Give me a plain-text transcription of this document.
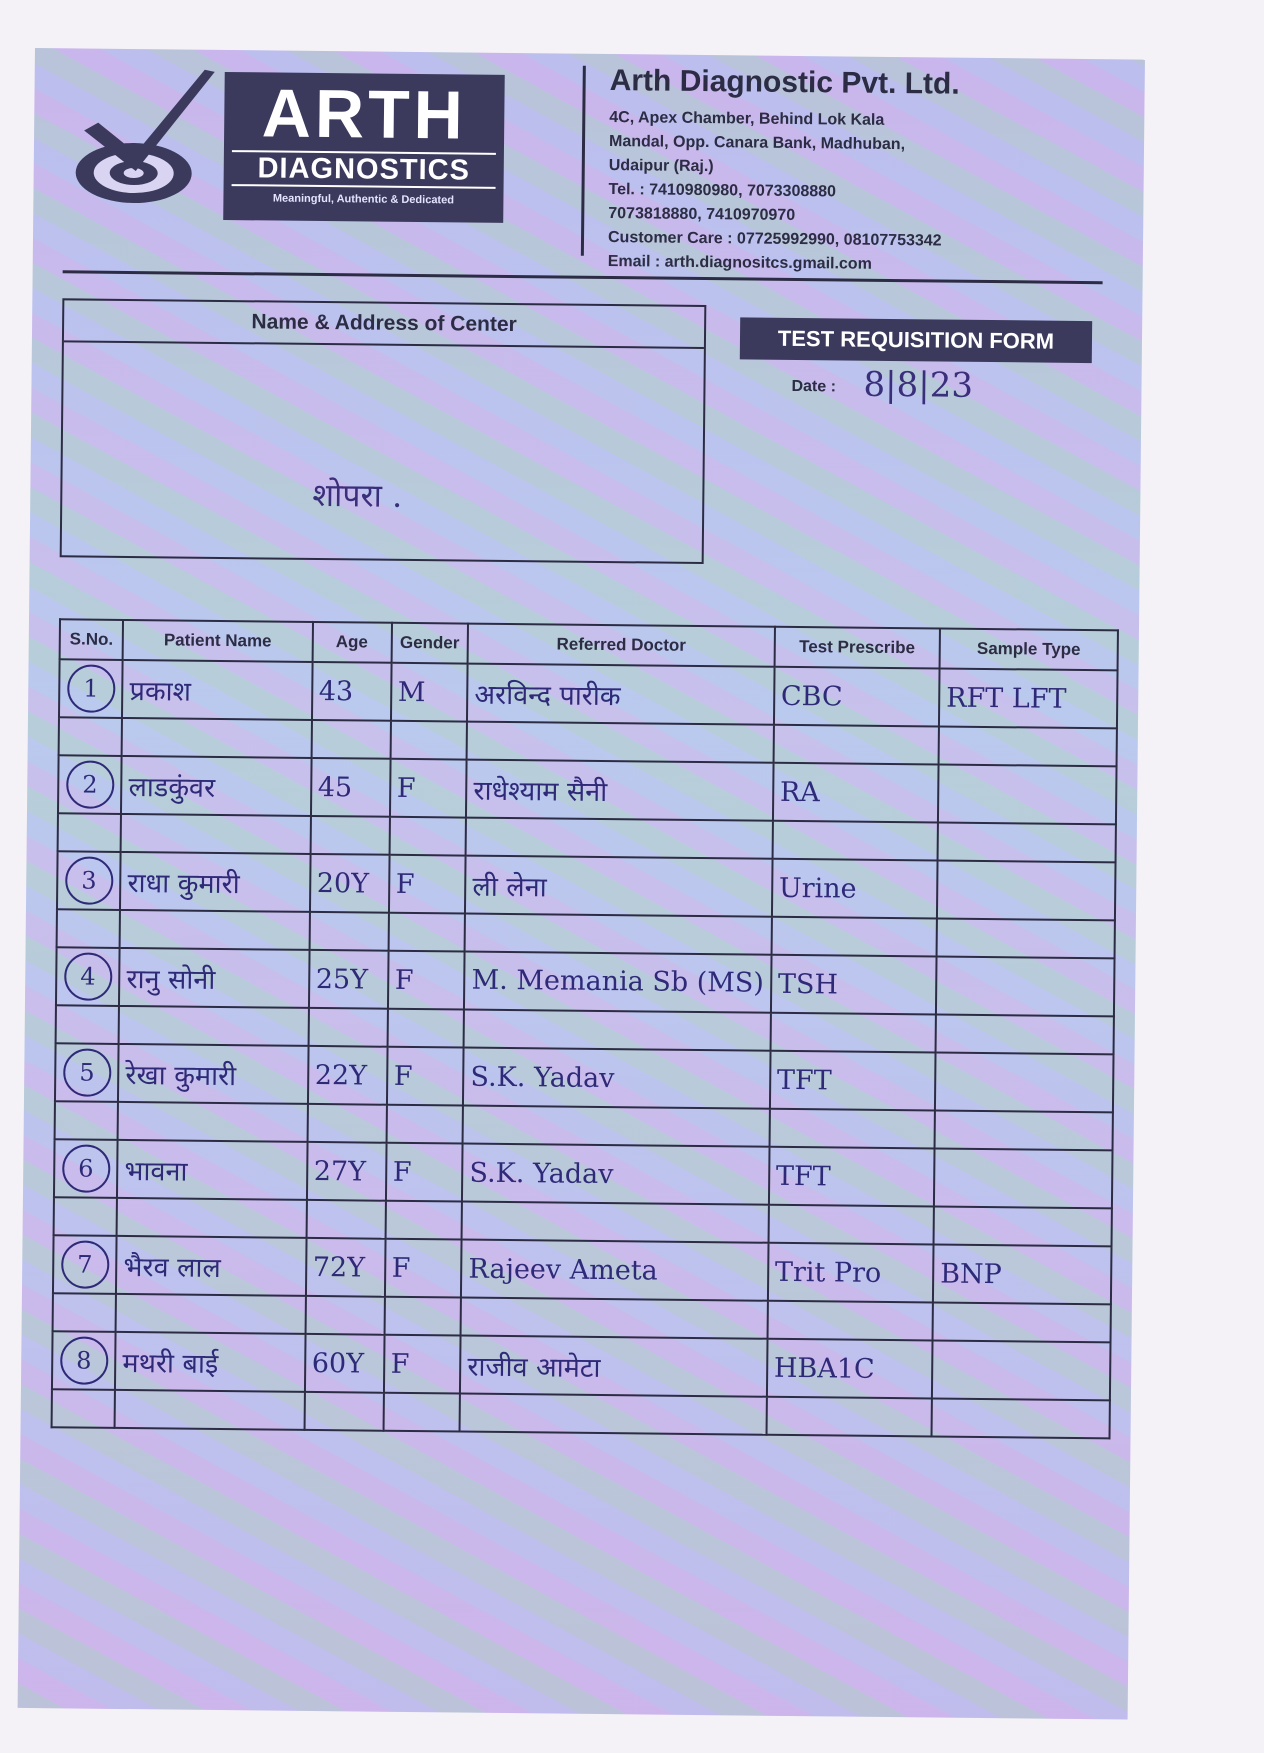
ARTH
DIAGNOSTICS
Meaningful, Authentic & Dedicated
Arth Diagnostic Pvt. Ltd.
4C, Apex Chamber, Behind Lok Kala
Mandal, Opp. Canara Bank, Madhuban,
Udaipur (Raj.)
Tel. : 7410980980, 7073308880
7073818880, 7410970970
Customer Care : 07725992990, 08107753342
Email : arth.diagnositcs.gmail.com
Name & Address of Center
शोपरा .
TEST REQUISITION FORM
Date : 8|8|23
S.No.	Patient Name	Age	Gender	Referred Doctor	Test Prescribe	Sample Type
1	प्रकाश	43	M	अरविन्द पारीक	CBC	RFT LFT

2	लाडकुंवर	45	F	राधेश्याम सैनी	RA	

3	राधा कुमारी	20Y	F	ली लेना	Urine	

4	रानु सोनी	25Y	F	M. Memania Sb (MS)	TSH	

5	रेखा कुमारी	22Y	F	S.K. Yadav	TFT	

6	भावना	27Y	F	S.K. Yadav	TFT	

7	भैरव लाल	72Y	F	Rajeev Ameta	Trit Pro	BNP

8	मथरी बाई	60Y	F	राजीव आमेटा	HBA1C	
